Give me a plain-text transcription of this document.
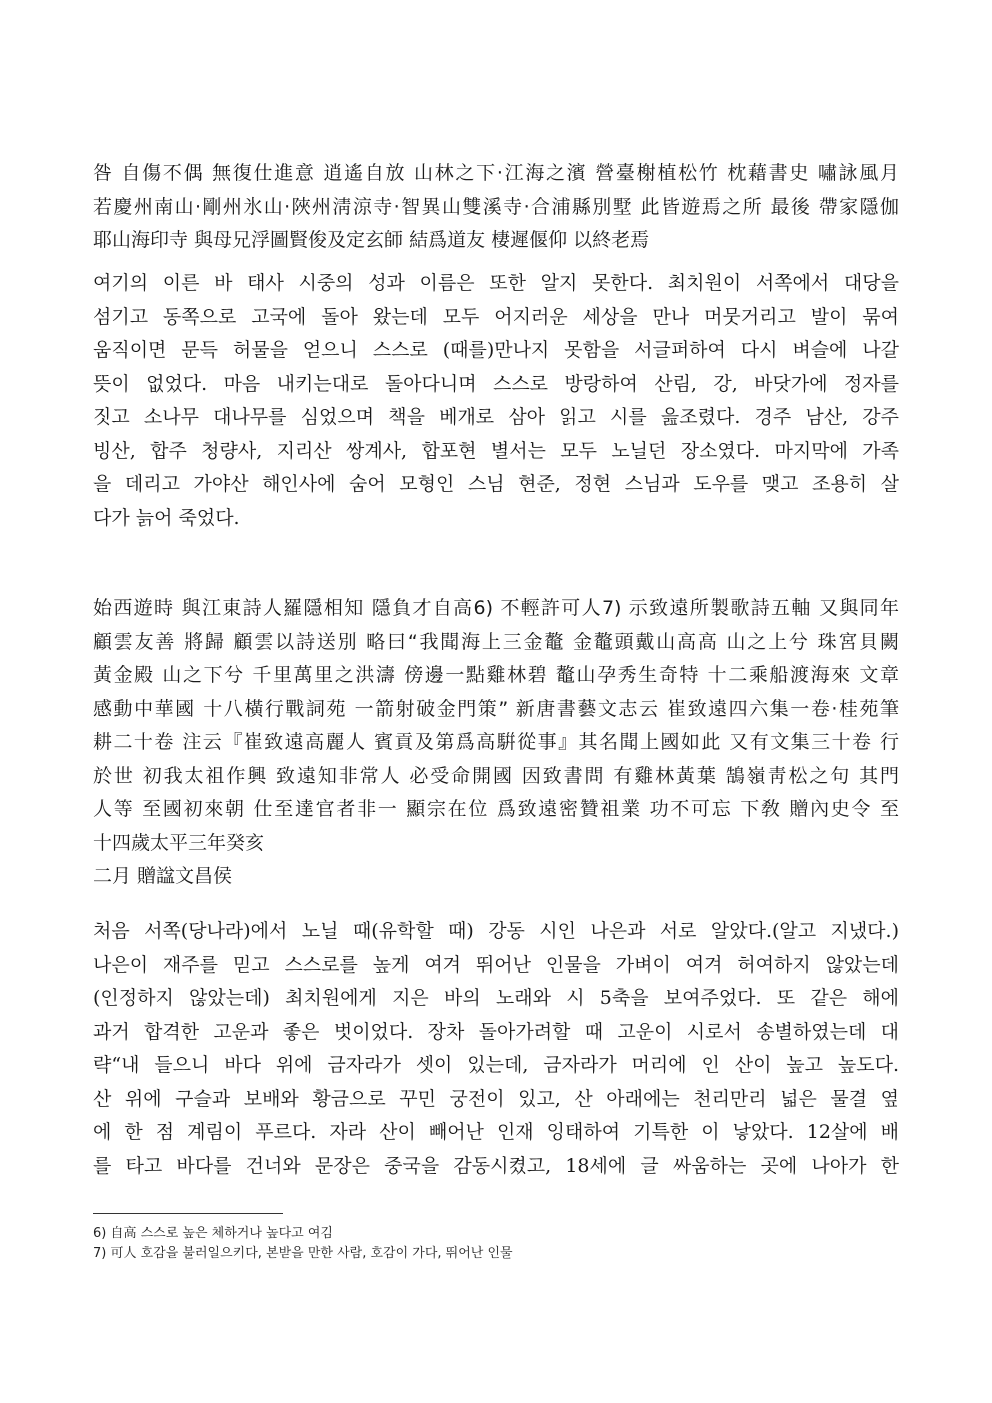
咎 自傷不偶 無復仕進意 逍遙自放 山林之下·江海之濱 營臺榭植松竹 枕藉書史 嘯詠風月
若慶州南山·剛州氷山·陜州淸涼寺·智異山雙溪寺·合浦縣別墅 此皆遊焉之所 最後 帶家隱伽
耶山海印寺 與母兄浮圖賢俊及定玄師 結爲道友 棲遲偃仰 以終老焉
여기의 이른 바 태사 시중의 성과 이름은 또한 알지 못한다. 최치원이 서쪽에서 대당을
섬기고 동쪽으로 고국에 돌아 왔는데 모두 어지러운 세상을 만나 머뭇거리고 발이 묶여
움직이면 문득 허물을 얻으니 스스로 (때를)만나지 못함을 서글퍼하여 다시 벼슬에 나갈
뜻이 없었다. 마음 내키는대로 돌아다니며 스스로 방랑하여 산림, 강, 바닷가에 정자를
짓고 소나무 대나무를 심었으며 책을 베개로 삼아 읽고 시를 읊조렸다. 경주 남산, 강주
빙산, 합주 청량사, 지리산 쌍계사, 합포현 별서는 모두 노닐던 장소였다. 마지막에 가족
을 데리고 가야산 해인사에 숨어 모형인 스님 현준, 정현 스님과 도우를 맺고 조용히 살
다가 늙어 죽었다.
始西遊時 與江東詩人羅隱相知 隱負才自高6) 不輕許可人7) 示致遠所製歌詩五軸 又與同年
顧雲友善 將歸 顧雲以詩送別 略曰“我聞海上三金鼇 金鼇頭戴山高高 山之上兮 珠宮貝闕
黃金殿 山之下兮 千里萬里之洪濤 傍邊一點雞林碧 鼇山孕秀生奇特 十二乘船渡海來 文章
感動中華國 十八橫行戰詞苑 一箭射破金門策” 新唐書藝文志云 崔致遠四六集一卷·桂苑筆
耕二十卷 注云『崔致遠高麗人 賓貢及第爲高騈從事』其名聞上國如此 又有文集三十卷 行
於世 初我太祖作興 致遠知非常人 必受命開國 因致書問 有雞林黃葉 鵠嶺靑松之句 其門
人等 至國初來朝 仕至達官者非一 顯宗在位 爲致遠密贊祖業 功不可忘 下敎 贈內史令 至
十四歲太平三年癸亥
二月 贈諡文昌侯
처음 서쪽(당나라)에서 노닐 때(유학할 때) 강동 시인 나은과 서로 알았다.(알고 지냈다.)
나은이 재주를 믿고 스스로를 높게 여겨 뛰어난 인물을 가벼이 여겨 허여하지 않았는데
(인정하지 않았는데) 최치원에게 지은 바의 노래와 시 5축을 보여주었다. 또 같은 해에
과거 합격한 고운과 좋은 벗이었다. 장차 돌아가려할 때 고운이 시로서 송별하였는데 대
략“내 들으니 바다 위에 금자라가 셋이 있는데, 금자라가 머리에 인 산이 높고 높도다.
산 위에 구슬과 보배와 황금으로 꾸민 궁전이 있고, 산 아래에는 천리만리 넓은 물결 옆
에 한 점 계림이 푸르다. 자라 산이 빼어난 인재 잉태하여 기특한 이 낳았다. 12살에 배
를 타고 바다를 건너와 문장은 중국을 감동시켰고, 18세에 글 싸움하는 곳에 나아가 한
6) 自高 스스로 높은 체하거나 높다고 여김
7) 可人 호감을 불러일으키다, 본받을 만한 사람, 호감이 가다, 뛰어난 인물
